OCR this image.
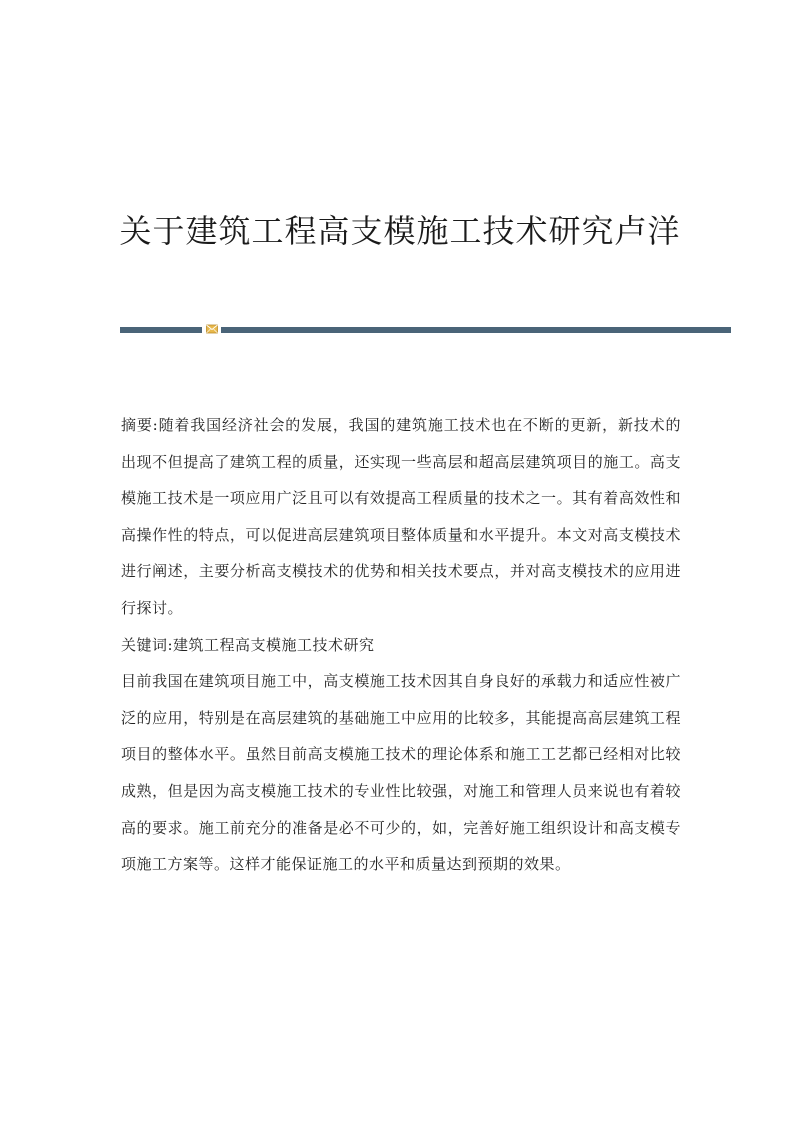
关于建筑工程高支模施工技术研究卢洋

摘要:随着我国经济社会的发展，我国的建筑施工技术也在不断的更新，新技术的出现不但提高了建筑工程的质量，还实现一些高层和超高层建筑项目的施工。高支模施工技术是一项应用广泛且可以有效提高工程质量的技术之一。其有着高效性和高操作性的特点，可以促进高层建筑项目整体质量和水平提升。本文对高支模技术进行阐述，主要分析高支模技术的优势和相关技术要点，并对高支模技术的应用进行探讨。

关键词:建筑工程高支模施工技术研究

目前我国在建筑项目施工中，高支模施工技术因其自身良好的承载力和适应性被广泛的应用，特别是在高层建筑的基础施工中应用的比较多，其能提高高层建筑工程项目的整体水平。虽然目前高支模施工技术的理论体系和施工工艺都已经相对比较成熟，但是因为高支模施工技术的专业性比较强，对施工和管理人员来说也有着较高的要求。施工前充分的准备是必不可少的，如，完善好施工组织设计和高支模专项施工方案等。这样才能保证施工的水平和质量达到预期的效果。
